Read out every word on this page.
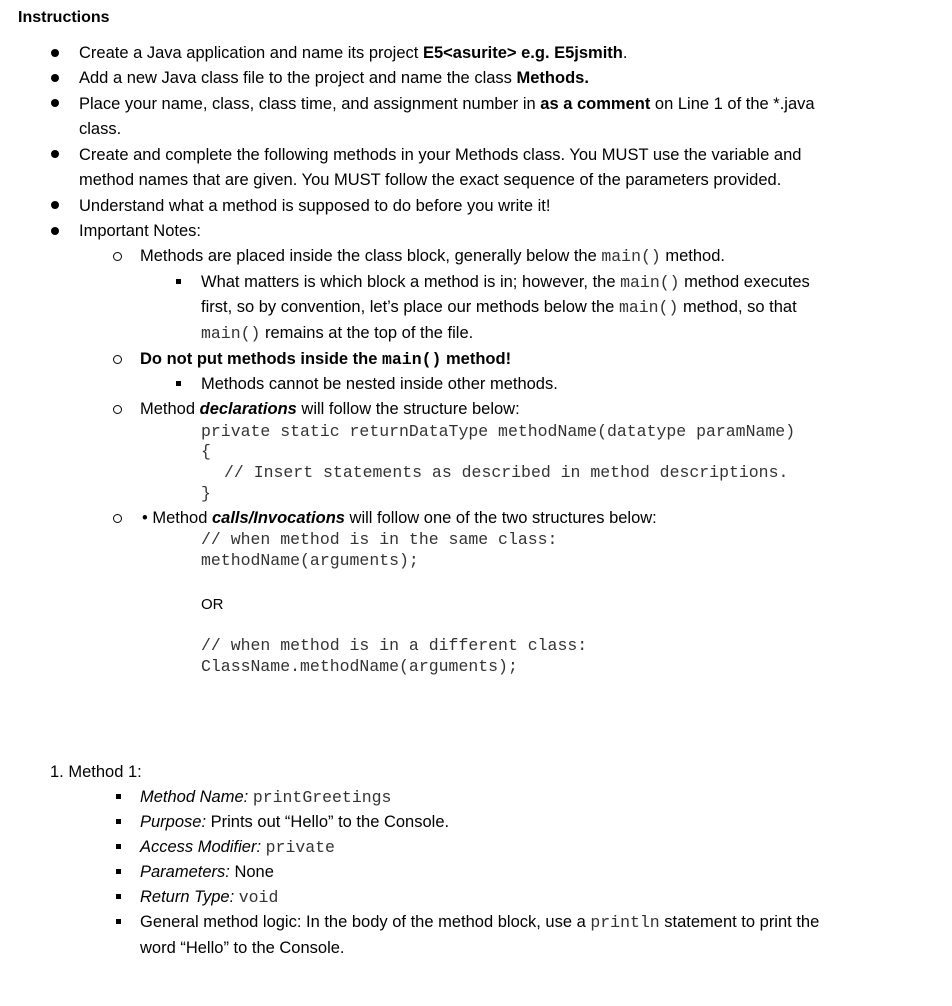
Instructions
Create a Java application and name its project E5<asurite> e.g. E5jsmith.
Add a new Java class file to the project and name the class Methods.
Place your name, class, class time, and assignment number in as a comment on Line 1 of the *.java
class.
Create and complete the following methods in your Methods class. You MUST use the variable and
method names that are given. You MUST follow the exact sequence of the parameters provided.
Understand what a method is supposed to do before you write it!
Important Notes:
Methods are placed inside the class block, generally below the main() method.
What matters is which block a method is in; however, the main() method executes
first, so by convention, let’s place our methods below the main() method, so that
main() remains at the top of the file.
Do not put methods inside the main() method!
Methods cannot be nested inside other methods.
Method declarations will follow the structure below:
private static returnDataType methodName(datatype paramName)
{
// Insert statements as described in method descriptions.
}
• Method calls/Invocations will follow one of the two structures below:
// when method is in the same class:
methodName(arguments);
OR
// when method is in a different class:
ClassName.methodName(arguments);
1. Method 1:
Method Name: printGreetings
Purpose: Prints out “Hello” to the Console.
Access Modifier: private
Parameters: None
Return Type: void
General method logic: In the body of the method block, use a println statement to print the
word “Hello” to the Console.
